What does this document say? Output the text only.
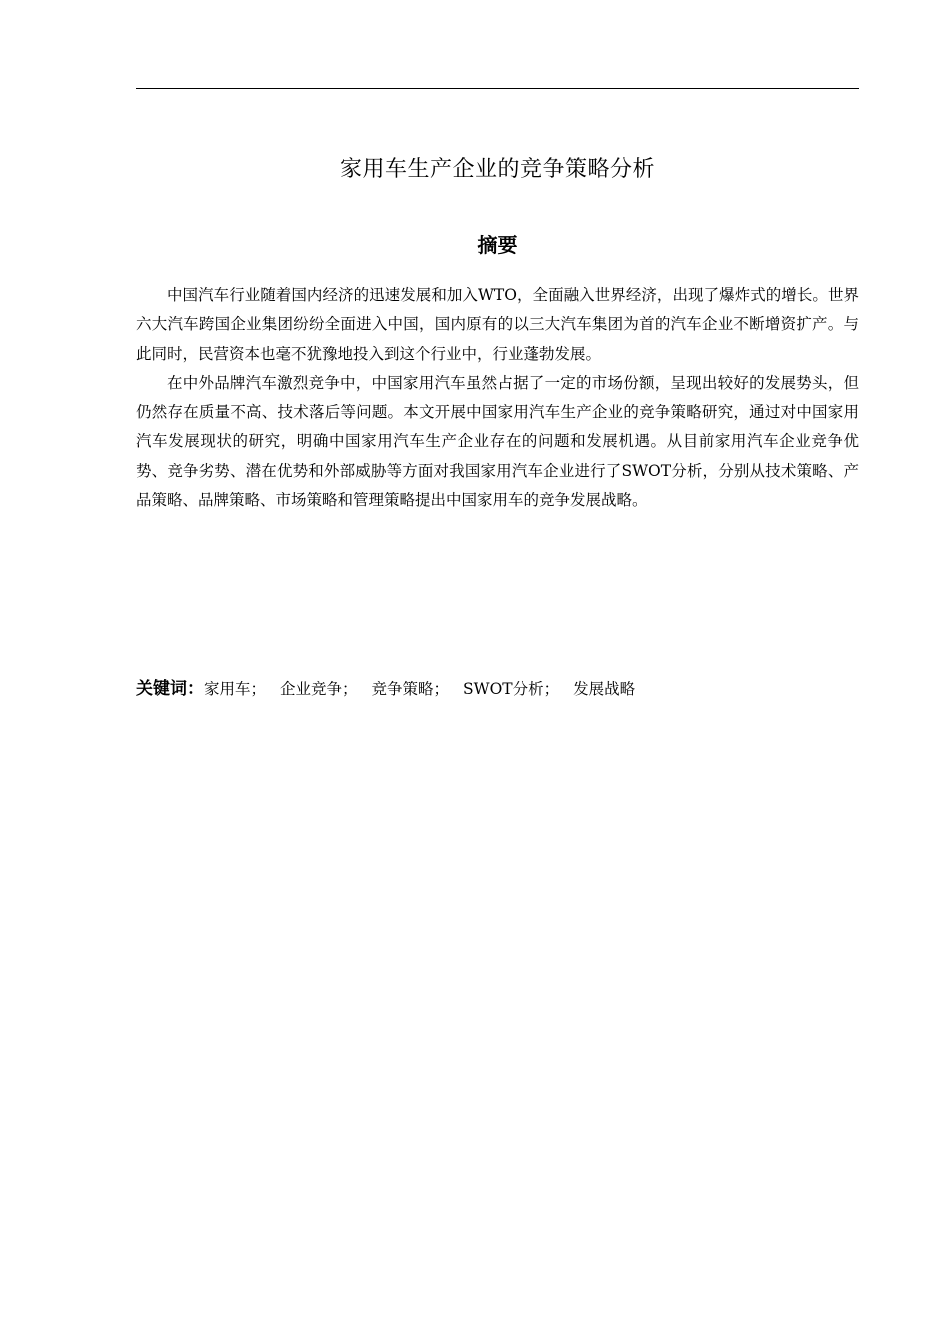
家用车生产企业的竞争策略分析
摘要

中国汽车行业随着国内经济的迅速发展和加入WTO，全面融入世界经济，出现了爆炸式的增长。世界六大汽车跨国企业集团纷纷全面进入中国，国内原有的以三大汽车集团为首的汽车企业不断增资扩产。与此同时，民营资本也毫不犹豫地投入到这个行业中，行业蓬勃发展。

在中外品牌汽车激烈竞争中，中国家用汽车虽然占据了一定的市场份额，呈现出较好的发展势头，但仍然存在质量不高、技术落后等问题。本文开展中国家用汽车生产企业的竞争策略研究，通过对中国家用汽车发展现状的研究，明确中国家用汽车生产企业存在的问题和发展机遇。从目前家用汽车企业竞争优势、竞争劣势、潜在优势和外部威胁等方面对我国家用汽车企业进行了SWOT分析，分别从技术策略、产品策略、品牌策略、市场策略和管理策略提出中国家用车的竞争发展战略。

关键词：家用车； 企业竞争； 竞争策略； SWOT分析； 发展战略
